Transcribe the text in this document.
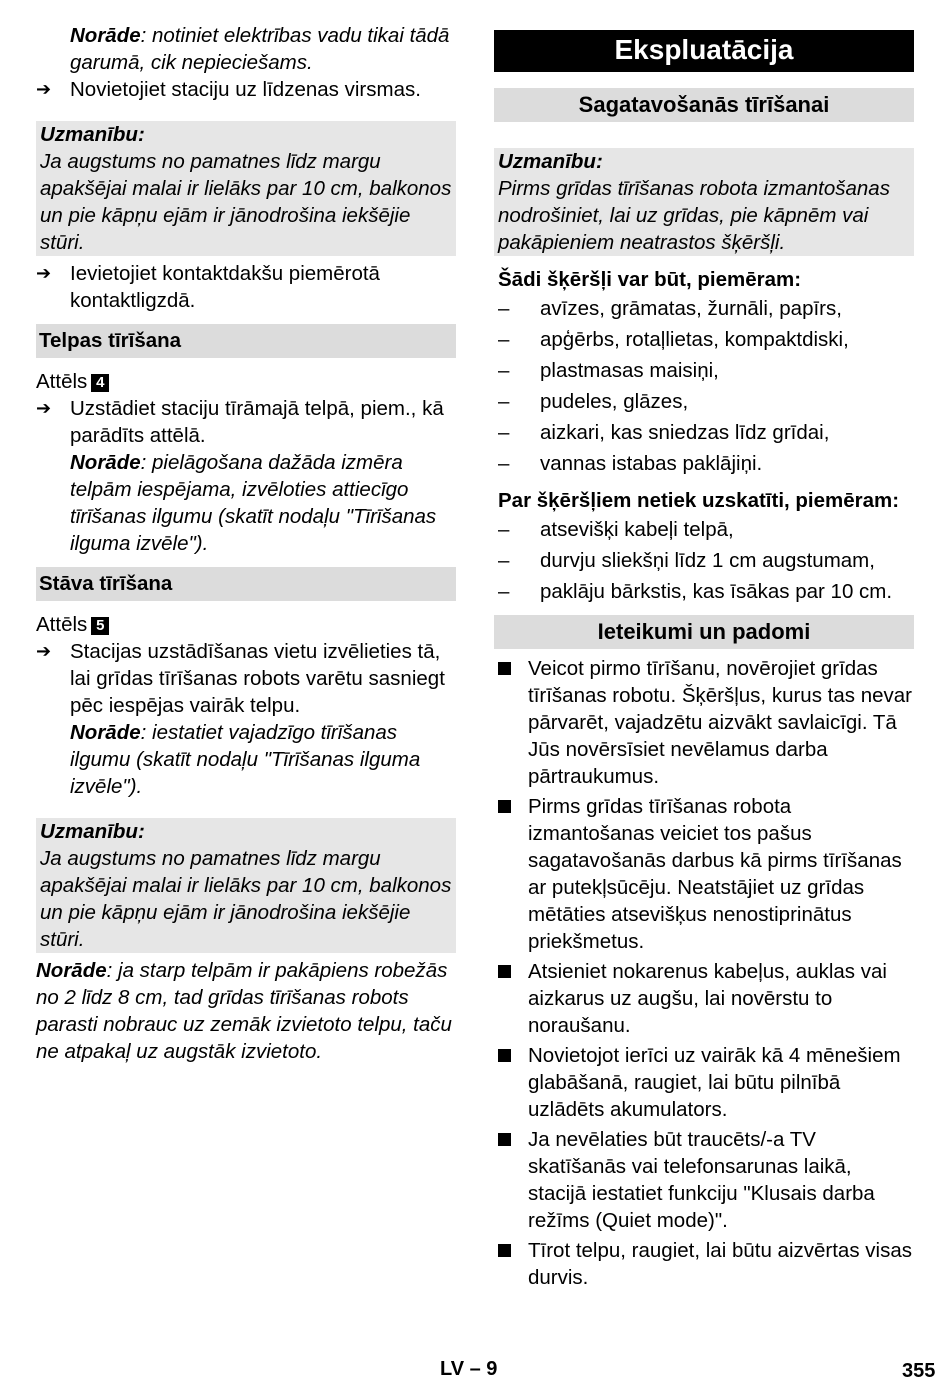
Norāde: notiniet elektrības vadu tikai tādā garumā, cik nepieciešams.
➔ Novietojiet staciju uz līdzenas virsmas.
Uzmanību:
Ja augstums no pamatnes līdz margu apakšējai malai ir lielāks par 10 cm, balkonos un pie kāpņu ejām ir jānodrošina iekšējie stūri.
➔ Ievietojiet kontaktdakšu piemērotā kontaktligzdā.
Telpas tīrīšana
Attēls 4
➔ Uzstādiet staciju tīrāmajā telpā, piem., kā parādīts attēlā.
Norāde: pielāgošana dažāda izmēra telpām iespējama, izvēloties attiecīgo tīrīšanas ilgumu (skatīt nodaļu "Tīrīšanas ilguma izvēle").
Stāva tīrīšana
Attēls 5
➔ Stacijas uzstādīšanas vietu izvēlieties tā, lai grīdas tīrīšanas robots varētu sasniegt pēc iespējas vairāk telpu.
Norāde: iestatiet vajadzīgo tīrīšanas ilgumu (skatīt nodaļu "Tīrīšanas ilguma izvēle").
Uzmanību:
Ja augstums no pamatnes līdz margu apakšējai malai ir lielāks par 10 cm, balkonos un pie kāpņu ejām ir jānodrošina iekšējie stūri.
Norāde: ja starp telpām ir pakāpiens robežās no 2 līdz 8 cm, tad grīdas tīrīšanas robots parasti nobrauc uz zemāk izvietoto telpu, taču ne atpakaļ uz augstāk izvietoto.
Ekspluatācija
Sagatavošanās tīrīšanai
Uzmanību:
Pirms grīdas tīrīšanas robota izmantošanas nodrošiniet, lai uz grīdas, pie kāpnēm vai pakāpieniem neatrastos šķēršļi.
Šādi šķēršļi var būt, piemēram:
– avīzes, grāmatas, žurnāli, papīrs,
– apģērbs, rotaļlietas, kompaktdiski,
– plastmasas maisiņi,
– pudeles, glāzes,
– aizkari, kas sniedzas līdz grīdai,
– vannas istabas paklājiņi.
Par šķēršļiem netiek uzskatīti, piemēram:
– atsevišķi kabeļi telpā,
– durvju sliekšņi līdz 1 cm augstumam,
– paklāju bārkstis, kas īsākas par 10 cm.
Ieteikumi un padomi
Veicot pirmo tīrīšanu, novērojiet grīdas tīrīšanas robotu. Šķēršļus, kurus tas nevar pārvarēt, vajadzētu aizvākt savlaicīgi. Tā Jūs novērsīsiet nevēlamus darba pārtraukumus.
Pirms grīdas tīrīšanas robota izmantošanas veiciet tos pašus sagatavošanās darbus kā pirms tīrīšanas ar putekļsūcēju. Neatstājiet uz grīdas mētāties atsevišķus nenostiprinātus priekšmetus.
Atsieniet nokarenus kabeļus, auklas vai aizkarus uz augšu, lai novērstu to noraušanu.
Novietojot ierīci uz vairāk kā 4 mēnešiem glabāšanā, raugiet, lai būtu pilnībā uzlādēts akumulators.
Ja nevēlaties būt traucēts/-a TV skatīšanās vai telefonsarunas laikā, stacijā iestatiet funkciju "Klusais darba režīms (Quiet mode)".
Tīrot telpu, raugiet, lai būtu aizvērtas visas durvis.
LV – 9	355
